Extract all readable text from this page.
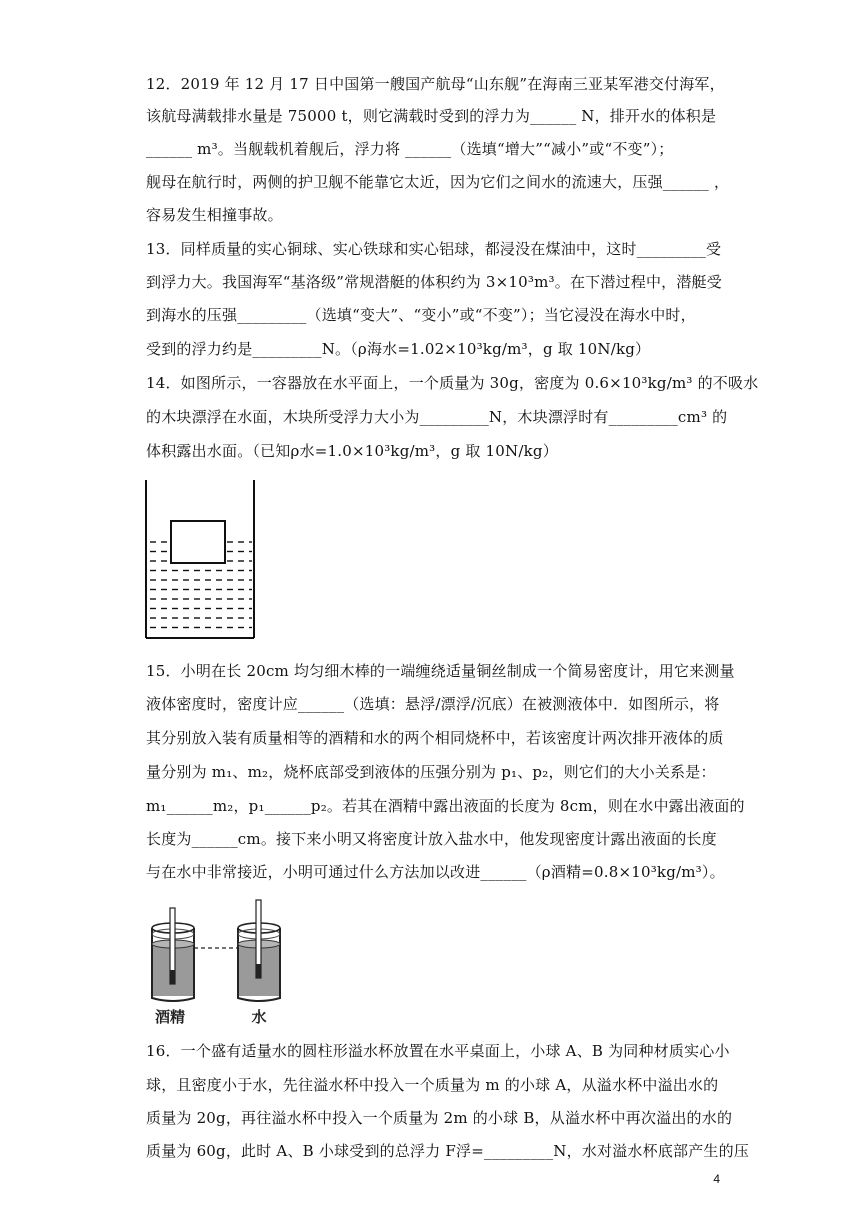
12．2019 年 12 月 17 日中国第一艘国产航母“山东舰”在海南三亚某军港交付海军，
该航母满载排水量是 75000 t，则它满载时受到的浮力为______ N，排开水的体积是
______ m³。当舰载机着舰后，浮力将 ______（选填“增大”“减小”或“不变”）；
舰母在航行时，两侧的护卫舰不能靠它太近，因为它们之间水的流速大，压强______ ，
容易发生相撞事故。
13．同样质量的实心铜球、实心铁球和实心铝球，都浸没在煤油中，这时_________受
到浮力大。我国海军“基洛级”常规潜艇的体积约为 3×10³m³。在下潜过程中，潜艇受
到海水的压强_________（选填“变大”、“变小”或“不变”）；当它浸没在海水中时，
受到的浮力约是_________N。（ρ海水=1.02×10³kg/m³，g 取 10N/kg）
14．如图所示，一容器放在水平面上，一个质量为 30g，密度为 0.6×10³kg/m³ 的不吸水
的木块漂浮在水面，木块所受浮力大小为_________N，木块漂浮时有_________cm³ 的
体积露出水面。（已知ρ水=1.0×10³kg/m³，g 取 10N/kg）
15．小明在长 20cm 均匀细木棒的一端缠绕适量铜丝制成一个简易密度计，用它来测量
液体密度时，密度计应______（选填：悬浮/漂浮/沉底）在被测液体中．如图所示，将
其分别放入装有质量相等的酒精和水的两个相同烧杯中，若该密度计两次排开液体的质
量分别为 m₁、m₂，烧杯底部受到液体的压强分别为 p₁、p₂，则它们的大小关系是：
m₁______m₂，p₁______p₂。若其在酒精中露出液面的长度为 8cm，则在水中露出液面的
长度为______cm。接下来小明又将密度计放入盐水中，他发现密度计露出液面的长度
与在水中非常接近，小明可通过什么方法加以改进______（ρ酒精=0.8×10³kg/m³）。
酒精	水
16．一个盛有适量水的圆柱形溢水杯放置在水平桌面上，小球 A、B 为同种材质实心小
球，且密度小于水，先往溢水杯中投入一个质量为 m 的小球 A，从溢水杯中溢出水的
质量为 20g，再往溢水杯中投入一个质量为 2m 的小球 B，从溢水杯中再次溢出的水的
质量为 60g，此时 A、B 小球受到的总浮力 F浮=_________N，水对溢水杯底部产生的压
4
